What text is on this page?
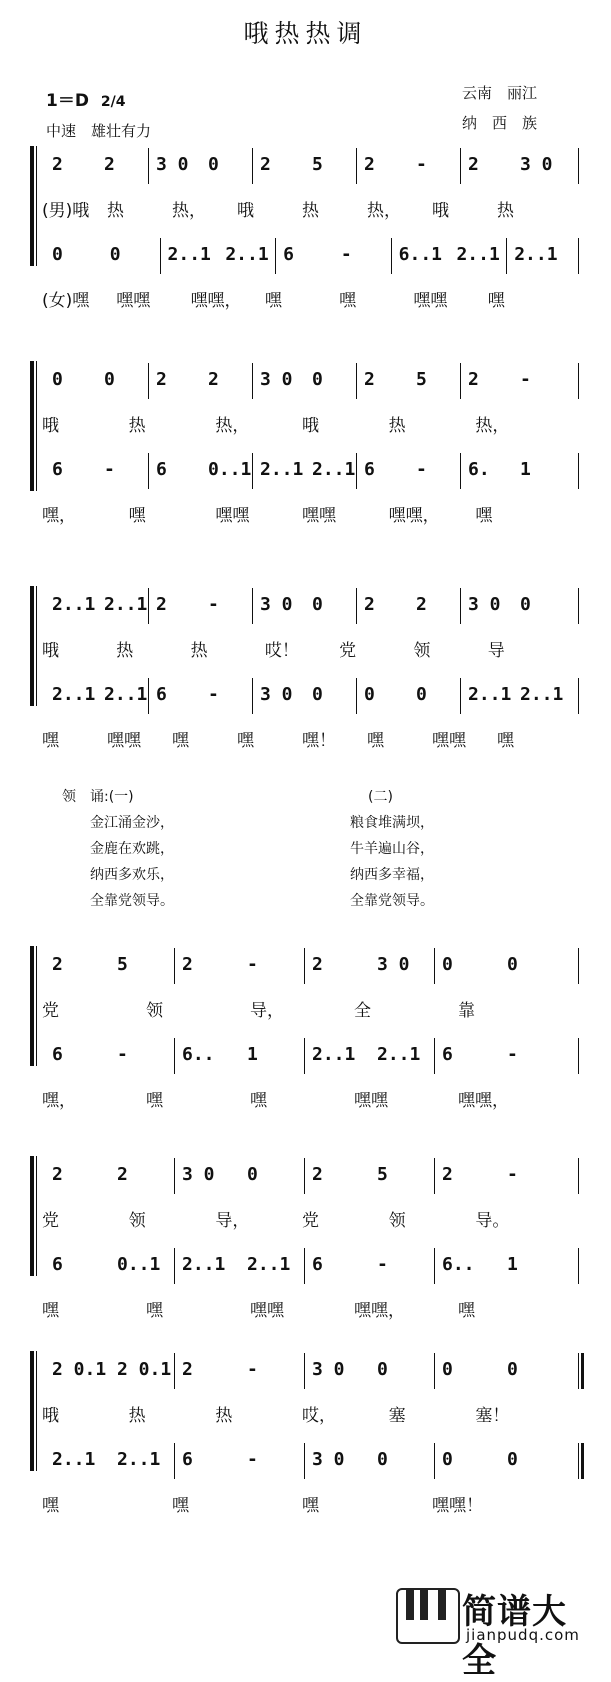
哦热热调
1＝D 2/4
中速　雄壮有力
云南　丽江
纳　西　族
2 2 3 0 0 2 5 2 - 2 3 0
(男)哦 热	热， 哦	热	热， 哦	热
0	0	2..1 2..1 6	-	6..1 2..1 2..1
(女)嘿 嘿嘿 嘿嘿， 嘿	嘿	嘿嘿 嘿
0 0 2 2 3 0 0 2 5 2 -
哦	热	热，	哦	热	热，
6 - 6 0..1 2..1 2..1 6 - 6. 1
嘿，	嘿	嘿嘿	嘿嘿	嘿嘿， 嘿
2..1 2..1 2 - 3 0 0 2 2 3 0 0
哦	热	热	哎！ 党	领	导
2..1 2..1 6 - 3 0 0 0 0 2..1 2..1
嘿	嘿嘿 嘿	嘿	嘿！ 嘿	嘿嘿 嘿
2	5	2	-	2	3 0 0	0
党	领	导，	全	靠
6	-	6.. 1	2..1 2..1 6	-
嘿，	嘿	嘿	嘿嘿	嘿嘿，
2	2	3 0 0	2	5	2	-
党	领	导，	党	领	导。
6	0..1 2..1 2..1 6	-	6.. 1
嘿	嘿	嘿嘿	嘿嘿，	嘿
2 0.1 2 0.1 2	-	3 0 0	0	0
哦	热	热	哎，	塞	塞！
2..1 2..1 6	-	3 0 0	0	0
嘿	嘿	嘿	嘿嘿！
领　诵:(一)	(二)
金江涌金沙，
金鹿在欢跳，
纳西多欢乐，
全靠党领导。
粮食堆满坝，
牛羊遍山谷，
纳西多幸福，
全靠党领导。
简谱大全
jianpudq.com
